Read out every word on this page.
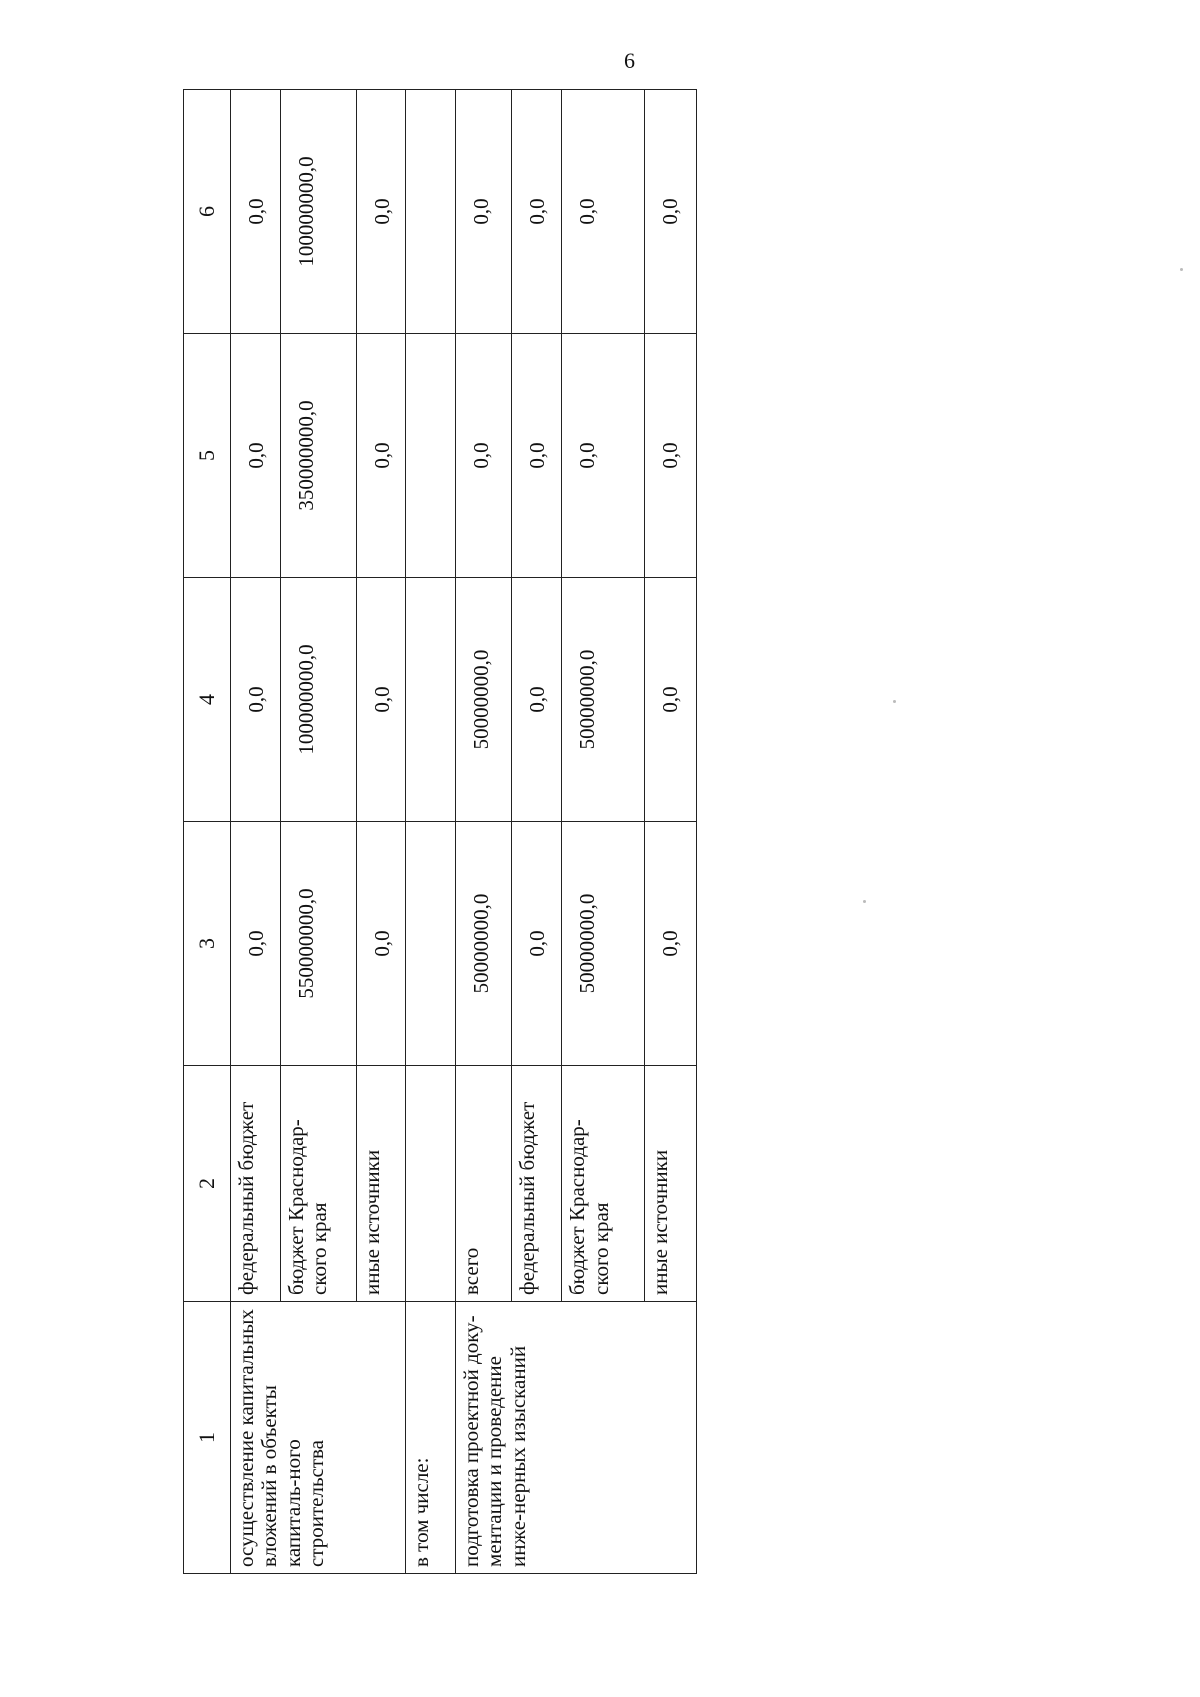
6
1	2	3	4	5	6
осуществление капитальных вложений в объекты капиталь-ного строительства	федеральный бюджет	0,0	0,0	0,0	0,0
	бюджет Краснодар-ского края	550000000,0	100000000,0	350000000,0	100000000,0
	иные источники	0,0	0,0	0,0	0,0
в том числе:					
подготовка проектной доку-ментации и проведение инже-нерных изысканий	всего	50000000,0	50000000,0	0,0	0,0
	федеральный бюджет	0,0	0,0	0,0	0,0
	бюджет Краснодар-ского края	50000000,0	50000000,0	0,0	0,0
	иные источники	0,0	0,0	0,0	0,0
